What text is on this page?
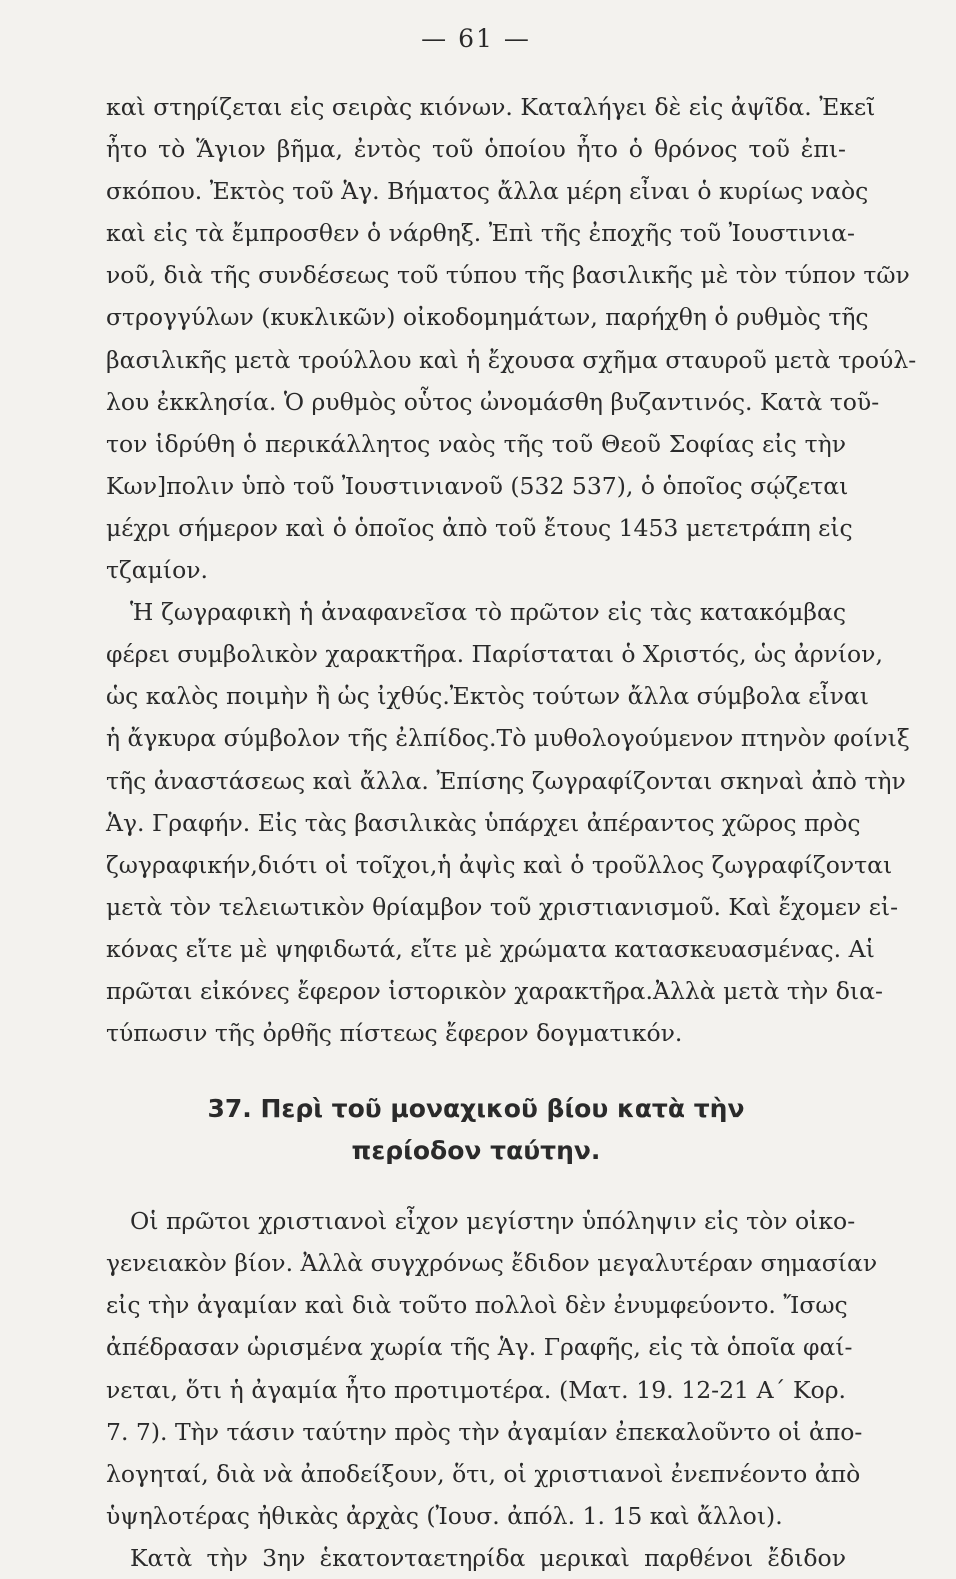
— 61 —
καὶ στηρίζεται εἰς σειρὰς κιόνων. Καταλήγει δὲ εἰς ἀψῖδα. Ἐκεῖ
ἦτο τὸ Ἅγιον βῆμα, ἐντὸς τοῦ ὁποίου ἦτο ὁ θρόνος τοῦ ἐπι-
σκόπου. Ἐκτὸς τοῦ Ἁγ. Βήματος ἄλλα μέρη εἶναι ὁ κυρίως ναὸς
καὶ εἰς τὰ ἔμπροσθεν ὁ νάρθηξ. Ἐπὶ τῆς ἐποχῆς τοῦ Ἰουστινια-
νοῦ, διὰ τῆς συνδέσεως τοῦ τύπου τῆς βασιλικῆς μὲ τὸν τύπον τῶν
στρογγύλων (κυκλικῶν) οἰκοδομημάτων, παρήχθη ὁ ρυθμὸς τῆς
βασιλικῆς μετὰ τρούλλου καὶ ἡ ἔχουσα σχῆμα σταυροῦ μετὰ τρούλ-
λου ἐκκλησία. Ὁ ρυθμὸς οὗτος ὠνομάσθη βυζαντινός. Κατὰ τοῦ-
τον ἱδρύθη ὁ περικάλλητος ναὸς τῆς τοῦ Θεοῦ Σοφίας εἰς τὴν
Κων]πολιν ὑπὸ τοῦ Ἰουστινιανοῦ (532 537), ὁ ὁποῖος σῴζεται
μέχρι σήμερον καὶ ὁ ὁποῖος ἀπὸ τοῦ ἔτους 1453 μετετράπη εἰς
τζαμίον.
Ἡ ζωγραφικὴ ἡ ἀναφανεῖσα τὸ πρῶτον εἰς τὰς κατακόμβας
φέρει συμβολικὸν χαρακτῆρα. Παρίσταται ὁ Χριστός, ὡς ἀρνίον,
ὡς καλὸς ποιμὴν ἢ ὡς ἰχθύς.Ἐκτὸς τούτων ἄλλα σύμβολα εἶναι
ἡ ἄγκυρα σύμβολον τῆς ἐλπίδος.Τὸ μυθολογούμενον πτηνὸν φοίνιξ
τῆς ἀναστάσεως καὶ ἄλλα. Ἐπίσης ζωγραφίζονται σκηναὶ ἀπὸ τὴν
Ἁγ. Γραφήν. Εἰς τὰς βασιλικὰς ὑπάρχει ἀπέραντος χῶρος πρὸς
ζωγραφικήν,διότι οἱ τοῖχοι,ἡ ἀψὶς καὶ ὁ τροῦλλος ζωγραφίζονται
μετὰ τὸν τελειωτικὸν θρίαμβον τοῦ χριστιανισμοῦ. Καὶ ἔχομεν εἰ-
κόνας εἴτε μὲ ψηφιδωτά, εἴτε μὲ χρώματα κατασκευασμένας. Αἱ
πρῶται εἰκόνες ἔφερον ἱστορικὸν χαρακτῆρα.Ἀλλὰ μετὰ τὴν δια-
τύπωσιν τῆς ὀρθῆς πίστεως ἔφερον δογματικόν.
37. Περὶ τοῦ μοναχικοῦ βίου κατὰ τὴν
περίοδον ταύτην.
Οἱ πρῶτοι χριστιανοὶ εἶχον μεγίστην ὑπόληψιν εἰς τὸν οἰκο-
γενειακὸν βίον. Ἀλλὰ συγχρόνως ἔδιδον μεγαλυτέραν σημασίαν
εἰς τὴν ἀγαμίαν καὶ διὰ τοῦτο πολλοὶ δὲν ἐνυμφεύοντο. Ἴσως
ἀπέδρασαν ὡρισμένα χωρία τῆς Ἁγ. Γραφῆς, εἰς τὰ ὁποῖα φαί-
νεται, ὅτι ἡ ἀγαμία ἦτο προτιμοτέρα. (Ματ. 19. 12-21 Α΄ Κορ.
7. 7). Τὴν τάσιν ταύτην πρὸς τὴν ἀγαμίαν ἐπεκαλοῦντο οἱ ἀπο-
λογηταί, διὰ νὰ ἀποδείξουν, ὅτι, οἱ χριστιανοὶ ἐνεπνέοντο ἀπὸ
ὑψηλοτέρας ἠθικὰς ἀρχὰς (Ἰουσ. ἀπόλ. 1. 15 καὶ ἄλλοι).
Κατὰ τὴν 3ην ἑκατονταετηρίδα μερικαὶ παρθένοι ἔδιδον
